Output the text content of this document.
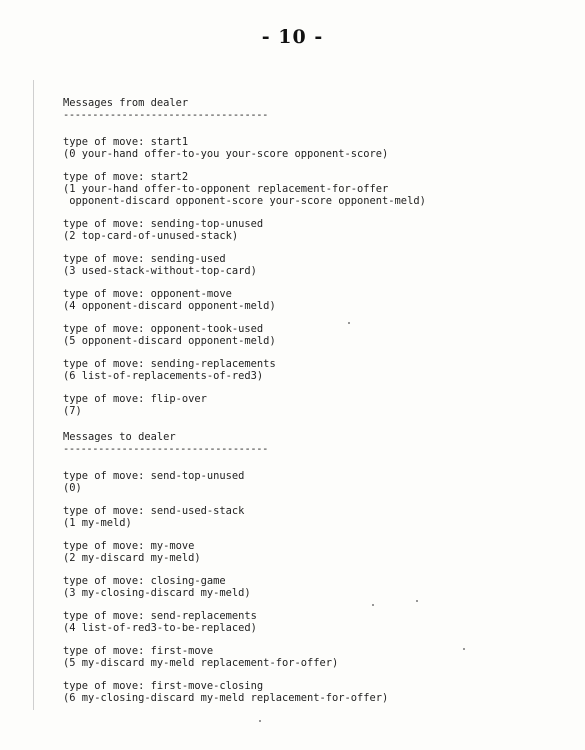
- 10 -
Messages from dealer
-----------------------------------
type of move: start1
(0 your-hand offer-to-you your-score opponent-score)
type of move: start2
(1 your-hand offer-to-opponent replacement-for-offer
opponent-discard opponent-score your-score opponent-meld)
type of move: sending-top-unused
(2 top-card-of-unused-stack)
type of move: sending-used
(3 used-stack-without-top-card)
type of move: opponent-move
(4 opponent-discard opponent-meld)
type of move: opponent-took-used
(5 opponent-discard opponent-meld)
type of move: sending-replacements
(6 list-of-replacements-of-red3)
type of move: flip-over
(7)
Messages to dealer
-----------------------------------
type of move: send-top-unused
(0)
type of move: send-used-stack
(1 my-meld)
type of move: my-move
(2 my-discard my-meld)
type of move: closing-game
(3 my-closing-discard my-meld)
type of move: send-replacements
(4 list-of-red3-to-be-replaced)
type of move: first-move
(5 my-discard my-meld replacement-for-offer)
type of move: first-move-closing
(6 my-closing-discard my-meld replacement-for-offer)
